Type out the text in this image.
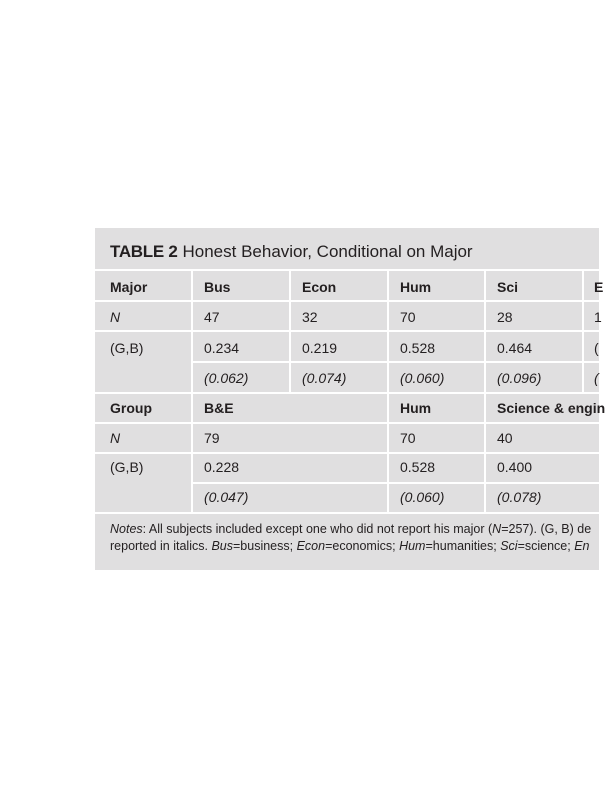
TABLE 2 Honest Behavior, Conditional on Major
Major	Bus	Econ	Hum	Sci	E
N	47	32	70	28	1
(G,B)	0.234	0.219	0.528	0.464	(
(0.062)	(0.074)	(0.060)	(0.096)	(
Group	B&E	Hum	Science & engin
N	79	70	40
(G,B)	0.228	0.528	0.400
(0.047)	(0.060)	(0.078)
Notes: All subjects included except one who did not report his major (N=257). (G, B) de
reported in italics. Bus=business; Econ=economics; Hum=humanities; Sci=science; En
